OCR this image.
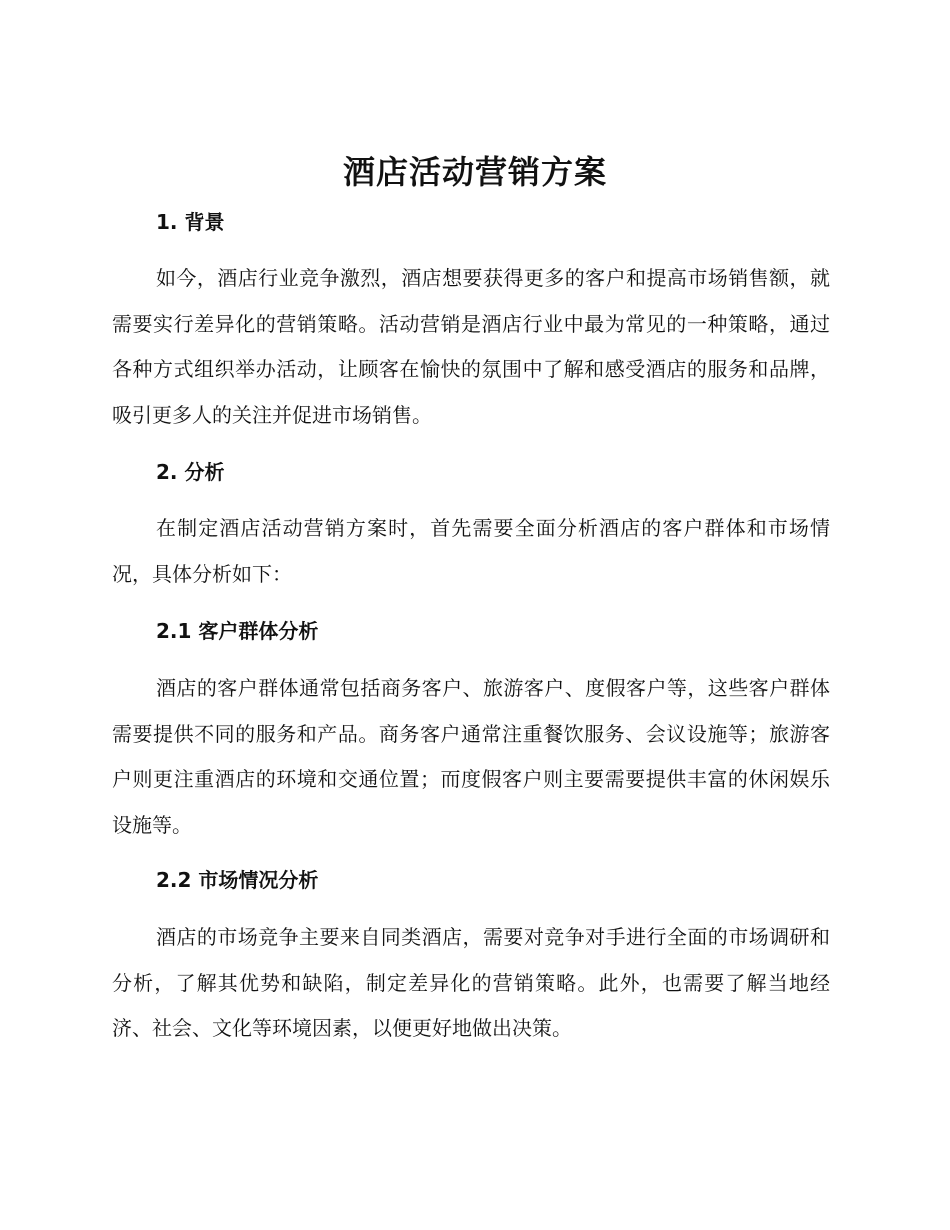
酒店活动营销方案
1. 背景

如今，酒店行业竞争激烈，酒店想要获得更多的客户和提高市场销售额，就需要实行差异化的营销策略。活动营销是酒店行业中最为常见的一种策略，通过各种方式组织举办活动，让顾客在愉快的氛围中了解和感受酒店的服务和品牌，吸引更多人的关注并促进市场销售。

2. 分析

在制定酒店活动营销方案时，首先需要全面分析酒店的客户群体和市场情况，具体分析如下：

2.1 客户群体分析

酒店的客户群体通常包括商务客户、旅游客户、度假客户等，这些客户群体需要提供不同的服务和产品。商务客户通常注重餐饮服务、会议设施等；旅游客户则更注重酒店的环境和交通位置；而度假客户则主要需要提供丰富的休闲娱乐设施等。

2.2 市场情况分析

酒店的市场竞争主要来自同类酒店，需要对竞争对手进行全面的市场调研和分析，了解其优势和缺陷，制定差异化的营销策略。此外，也需要了解当地经济、社会、文化等环境因素，以便更好地做出决策。
